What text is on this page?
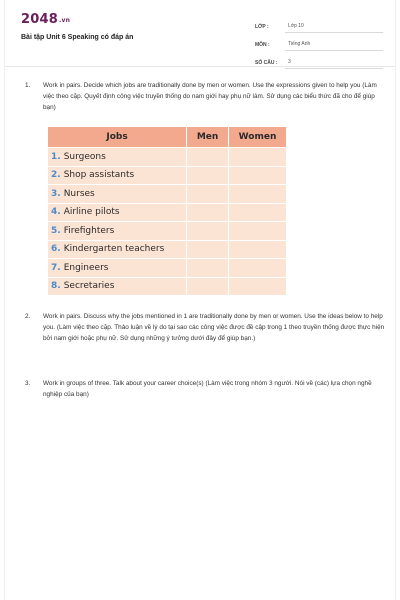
2048.vn
Bài tập Unit 6 Speaking có đáp án
LỚP :	Lớp 10
MÔN :	Tiếng Anh
SỐ CÂU :	3
1.	Work in pairs. Decide which jobs are traditionally done by men or women. Use the expressions given to help you (Làm việc theo cặp. Quyết định công việc truyền thống do nam giới hay phụ nữ làm. Sử dụng các biểu thức đã cho để giúp bạn)
Jobs	Men	Women
1. Surgeons		
2. Shop assistants		
3. Nurses		
4. Airline pilots		
5. Firefighters		
6. Kindergarten teachers		
7. Engineers		
8. Secretaries		
2.	Work in pairs. Discuss why the jobs mentioned in 1 are traditionally done by men or women. Use the ideas below to help you. (Làm việc theo cặp. Thảo luận về lý do tại sao các công việc được đề cập trong 1 theo truyền thống được thực hiện bởi nam giới hoặc phụ nữ. Sử dụng những ý tưởng dưới đây để giúp bạn.)
3.	Work in groups of three. Talk about your career choice(s) (Làm việc trong nhóm 3 người. Nói về (các) lựa chọn nghề nghiệp của bạn)
